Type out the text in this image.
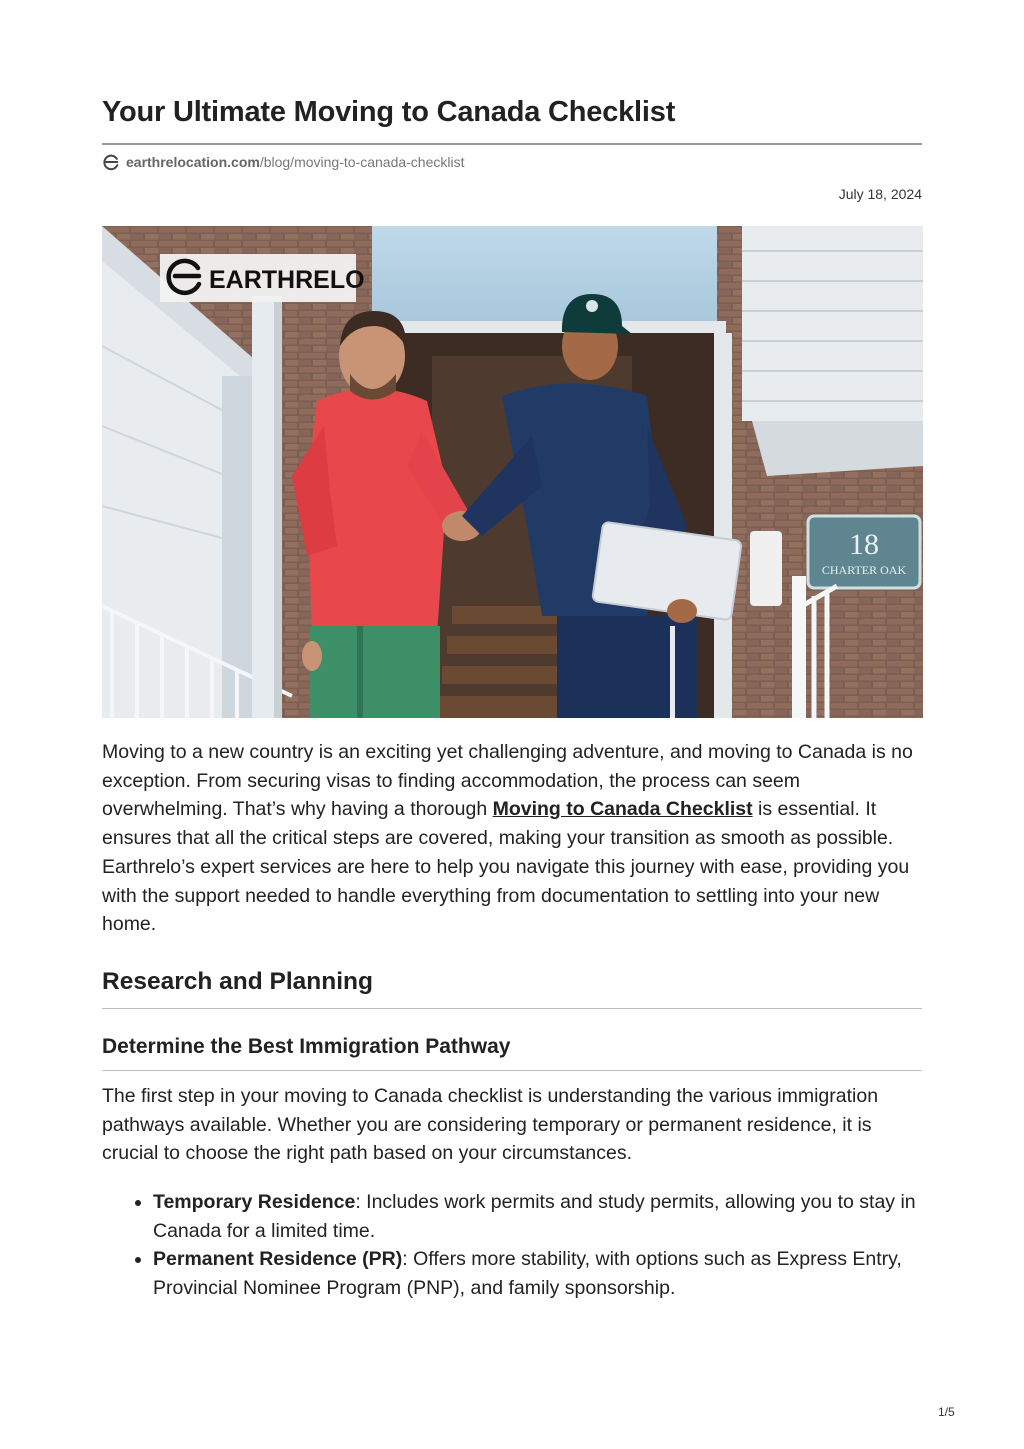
Your Ultimate Moving to Canada Checklist
earthrelocation.com /blog/moving-to-canada-checklist
July 18, 2024
18
CHARTER OAK
EARTHRELO

Moving to a new country is an exciting yet challenging adventure, and moving to Canada is no exception. From securing visas to finding accommodation, the process can seem overwhelming. That’s why having a thorough Moving to Canada Checklist is essential. It ensures that all the critical steps are covered, making your transition as smooth as possible. Earthrelo’s expert services are here to help you navigate this journey with ease, providing you with the support needed to handle everything from documentation to settling into your new home.

Research and Planning
Determine the Best Immigration Pathway

The first step in your moving to Canada checklist is understanding the various immigration pathways available. Whether you are considering temporary or permanent residence, it is crucial to choose the right path based on your circumstances.

• Temporary Residence: Includes work permits and study permits, allowing you to stay in Canada for a limited time.
• Permanent Residence (PR): Offers more stability, with options such as Express Entry, Provincial Nominee Program (PNP), and family sponsorship.
1/5
